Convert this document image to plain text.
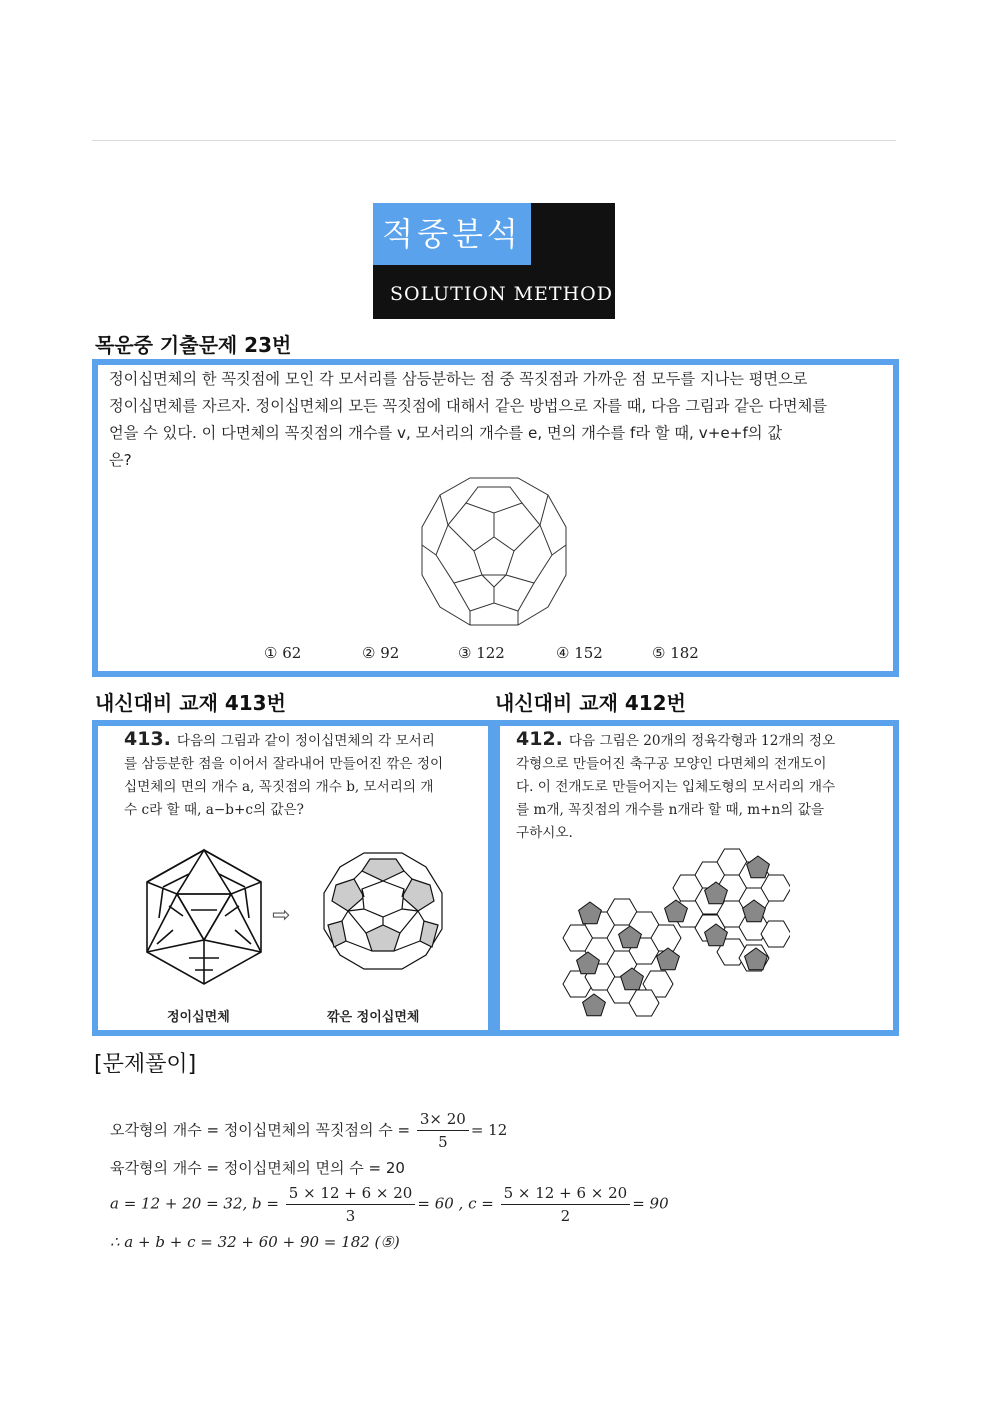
적중분석
SOLUTION METHOD
목운중 기출문제 23번
정이십면체의 한 꼭짓점에 모인 각 모서리를 삼등분하는 점 중 꼭짓점과 가까운 점 모두를 지나는 평면으로
정이십면체를 자르자. 정이십면체의 모든 꼭짓점에 대해서 같은 방법으로 자를 때, 다음 그림과 같은 다면체를
얻을 수 있다. 이 다면체의 꼭짓점의 개수를 v, 모서리의 개수를 e, 면의 개수를 f라 할 때, v+e+f의 값
은?
① 62	② 92	③ 122	④ 152	⑤ 182
내신대비 교재 413번	내신대비 교재 412번
413. 다음의 그림과 같이 정이십면체의 각 모서리
를 삼등분한 점을 이어서 잘라내어 만들어진 깎은 정이
십면체의 면의 개수 a, 꼭짓점의 개수 b, 모서리의 개
수 c라 할 때, a−b+c의 값은?
⇨
정이십면체	깎은 정이십면체
412. 다음 그림은 20개의 정육각형과 12개의 정오
각형으로 만들어진 축구공 모양인 다면체의 전개도이
다. 이 전개도로 만들어지는 입체도형의 모서리의 개수
를 m개, 꼭짓점의 개수를 n개라 할 때, m+n의 값을
구하시오.
[문제풀이]
오각형의 개수 = 정이십면체의 꼭짓점의 수 = $\frac{3\times 20}{5} = 12$
육각형의 개수 = 정이십면체의 면의 수 = 20
a = 12 + 20 = 32, $b = \frac{5 \times 12 + 6 \times 20}{3} = 60$ , $c = \frac{5 \times 12 + 6 \times 20}{2} = 90$
∴ a + b + c = 32 + 60 + 90 = 182 (⑤)
